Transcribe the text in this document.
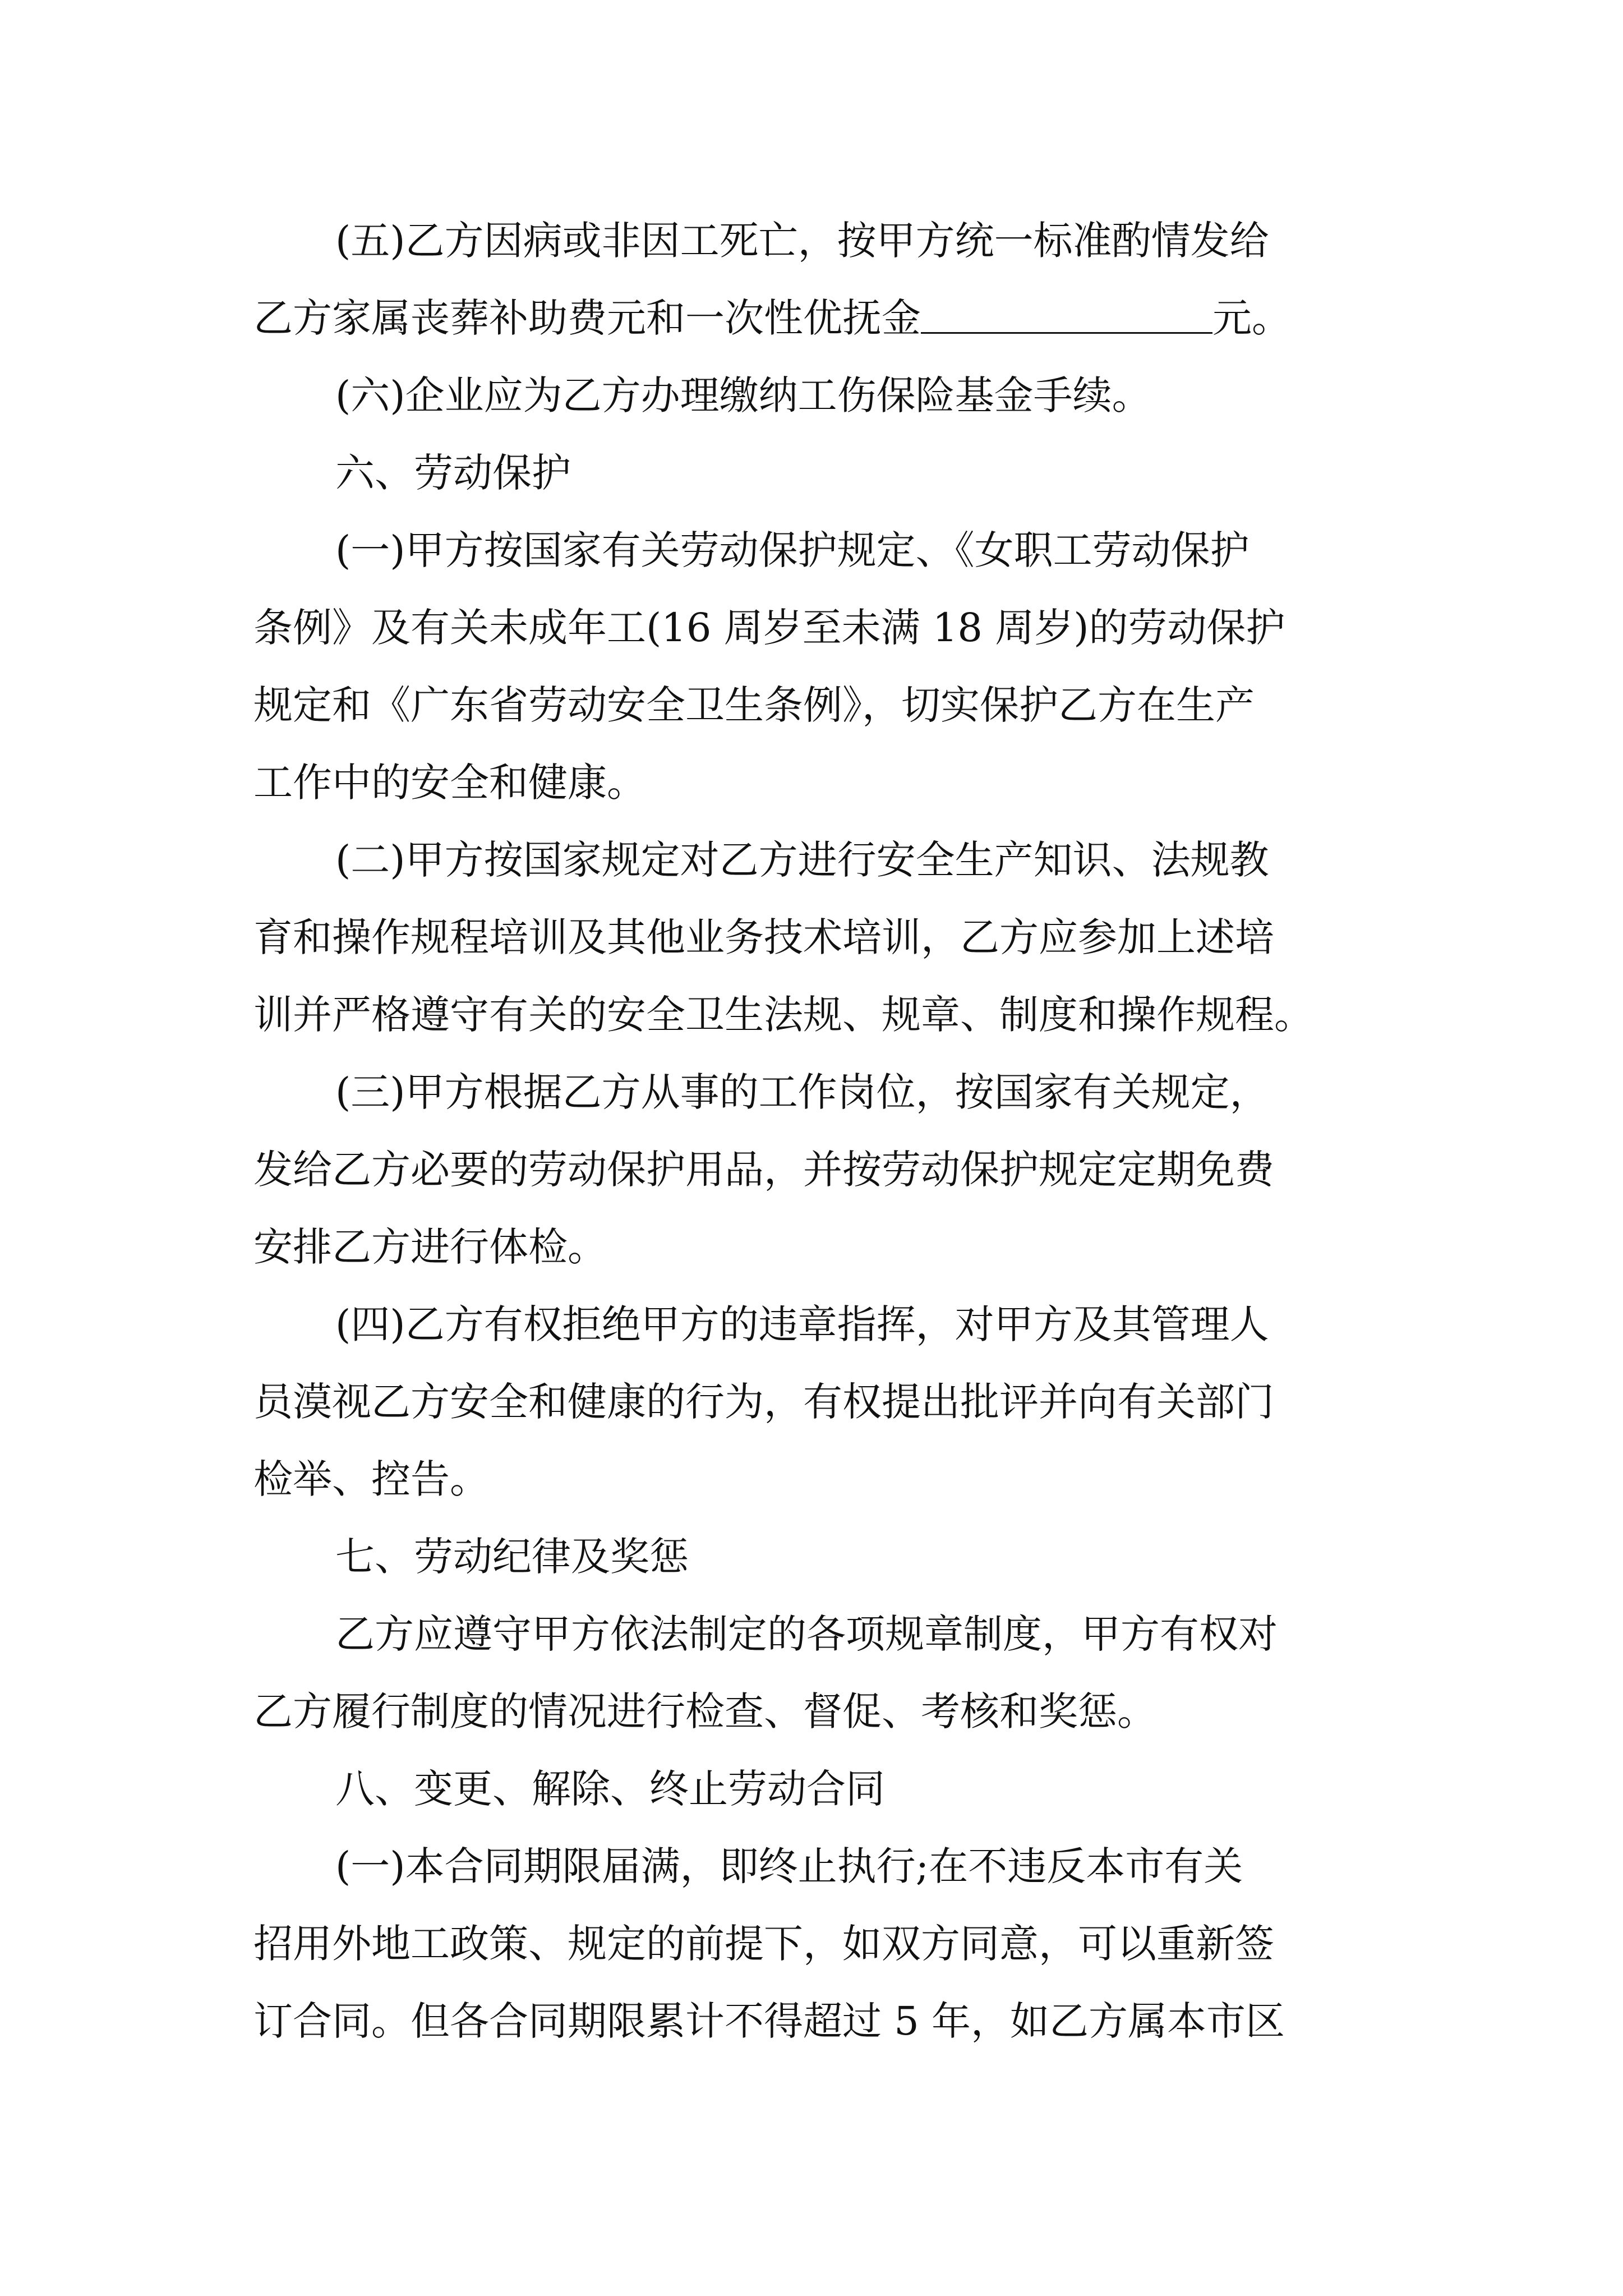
(五)乙方因病或非因工死亡，按甲方统一标准酌情发给
乙方家属丧葬补助费元和一次性优抚金	元。
(六)企业应为乙方办理缴纳工伤保险基金手续。
六、劳动保护
(一)甲方按国家有关劳动保护规定、《女职工劳动保护
条例》及有关未成年工(16 周岁至未满 18 周岁)的劳动保护
规定和《广东省劳动安全卫生条例》，切实保护乙方在生产
工作中的安全和健康。
(二)甲方按国家规定对乙方进行安全生产知识、法规教
育和操作规程培训及其他业务技术培训，乙方应参加上述培
训并严格遵守有关的安全卫生法规、规章、制度和操作规程。
(三)甲方根据乙方从事的工作岗位，按国家有关规定，
发给乙方必要的劳动保护用品，并按劳动保护规定定期免费
安排乙方进行体检。
(四)乙方有权拒绝甲方的违章指挥，对甲方及其管理人
员漠视乙方安全和健康的行为，有权提出批评并向有关部门
检举、控告。
七、劳动纪律及奖惩
乙方应遵守甲方依法制定的各项规章制度，甲方有权对
乙方履行制度的情况进行检查、督促、考核和奖惩。
八、变更、解除、终止劳动合同
(一)本合同期限届满，即终止执行;在不违反本市有关
招用外地工政策、规定的前提下，如双方同意，可以重新签
订合同。但各合同期限累计不得超过 5 年，如乙方属本市区
